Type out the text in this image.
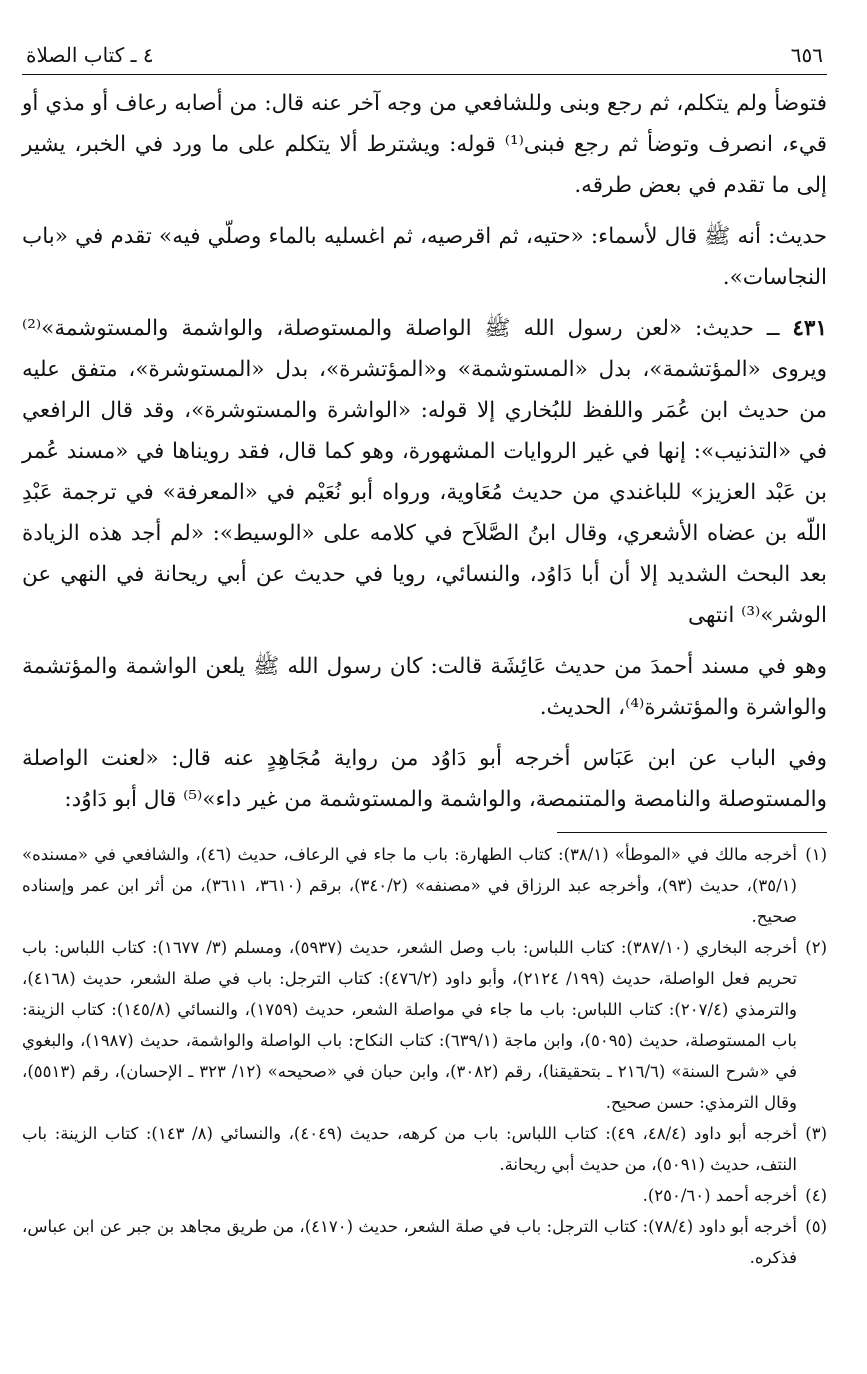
٦٥٦
٤ ـ كتاب الصلاة

فتوضأ ولم يتكلم، ثم رجع وبنى وللشافعي من وجه آخر عنه قال: من أصابه رعاف أو مذي أو قيء، انصرف وتوضأ ثم رجع فبنى⁽¹⁾ قوله: ويشترط ألا يتكلم على ما ورد في الخبر، يشير إلى ما تقدم في بعض طرقه.

حديث: أنه ﷺ قال لأسماء: «حتيه، ثم اقرصيه، ثم اغسليه بالماء وصلّي فيه» تقدم في «باب النجاسات».

٤٣١ ــ حديث: «لعن رسول الله ﷺ الواصلة والمستوصلة، والواشمة والمستوشمة»⁽²⁾ ويروى «المؤتشمة»، بدل «المستوشمة» و«المؤتشرة»، بدل «المستوشرة»، متفق عليه من حديث ابن عُمَر واللفظ للبُخاري إلا قوله: «الواشرة والمستوشرة»، وقد قال الرافعي في «التذنيب»: إنها في غير الروايات المشهورة، وهو كما قال، فقد رويناها في «مسند عُمر بن عَبْد العزيز» للباغندي من حديث مُعَاوية، ورواه أبو نُعَيْم في «المعرفة» في ترجمة عَبْدِ اللّه بن عضاه الأشعري، وقال ابنُ الصَّلاَح في كلامه على «الوسيط»: «لم أجد هذه الزيادة بعد البحث الشديد إلا أن أبا دَاوُد، والنسائي، رويا في حديث عن أبي ريحانة في النهي عن الوشر»⁽³⁾ انتهى

وهو في مسند أحمدَ من حديث عَائِشَة قالت: كان رسول الله ﷺ يلعن الواشمة والمؤتشمة والواشرة والمؤتشرة⁽⁴⁾، الحديث.

وفي الباب عن ابن عَبَاس أخرجه أبو دَاوُد من رواية مُجَاهِدٍ عنه قال: «لعنت الواصلة والمستوصلة والنامصة والمتنمصة، والواشمة والمستوشمة من غير داء»⁽⁵⁾ قال أبو دَاوُد:

(١)
أخرجه مالك في «الموطأ» (٣٨/١): كتاب الطهارة: باب ما جاء في الرعاف، حديث (٤٦)، والشافعي في «مسنده» (٣٥/١)، حديث (٩٣)، وأخرجه عبد الرزاق في «مصنفه» (٣٤٠/٢)، برقم (٣٦١٠، ٣٦١١)، من أثر ابن عمر وإسناده صحيح.
(٢)
أخرجه البخاري (٣٨٧/١٠): كتاب اللباس: باب وصل الشعر، حديث (٥٩٣٧)، ومسلم (٣/ ١٦٧٧): كتاب اللباس: باب تحريم فعل الواصلة، حديث (١٩٩/ ٢١٢٤)، وأبو داود (٤٧٦/٢): كتاب الترجل: باب في صلة الشعر، حديث (٤١٦٨)، والترمذي (٢٠٧/٤): كتاب اللباس: باب ما جاء في مواصلة الشعر، حديث (١٧٥٩)، والنسائي (١٤٥/٨): كتاب الزينة: باب المستوصلة، حديث (٥٠٩٥)، وابن ماجة (٦٣٩/١): كتاب النكاح: باب الواصلة والواشمة، حديث (١٩٨٧)، والبغوي في «شرح السنة» (٢١٦/٦ ـ بتحقيقنا)، رقم (٣٠٨٢)، وابن حبان في «صحيحه» (١٢/ ٣٢٣ ـ الإحسان)، رقم (٥٥١٣)، وقال الترمذي: حسن صحيح.
(٣)
أخرجه أبو داود (٤٨/٤، ٤٩): كتاب اللباس: باب من كرهه، حديث (٤٠٤٩)، والنسائي (٨/ ١٤٣): كتاب الزينة: باب النتف، حديث (٥٠٩١)، من حديث أبي ريحانة.
(٤)
أخرجه أحمد (٢٥٠/٦٠).
(٥)
أخرجه أبو داود (٧٨/٤): كتاب الترجل: باب في صلة الشعر، حديث (٤١٧٠)، من طريق مجاهد بن جبر عن ابن عباس، فذكره.
